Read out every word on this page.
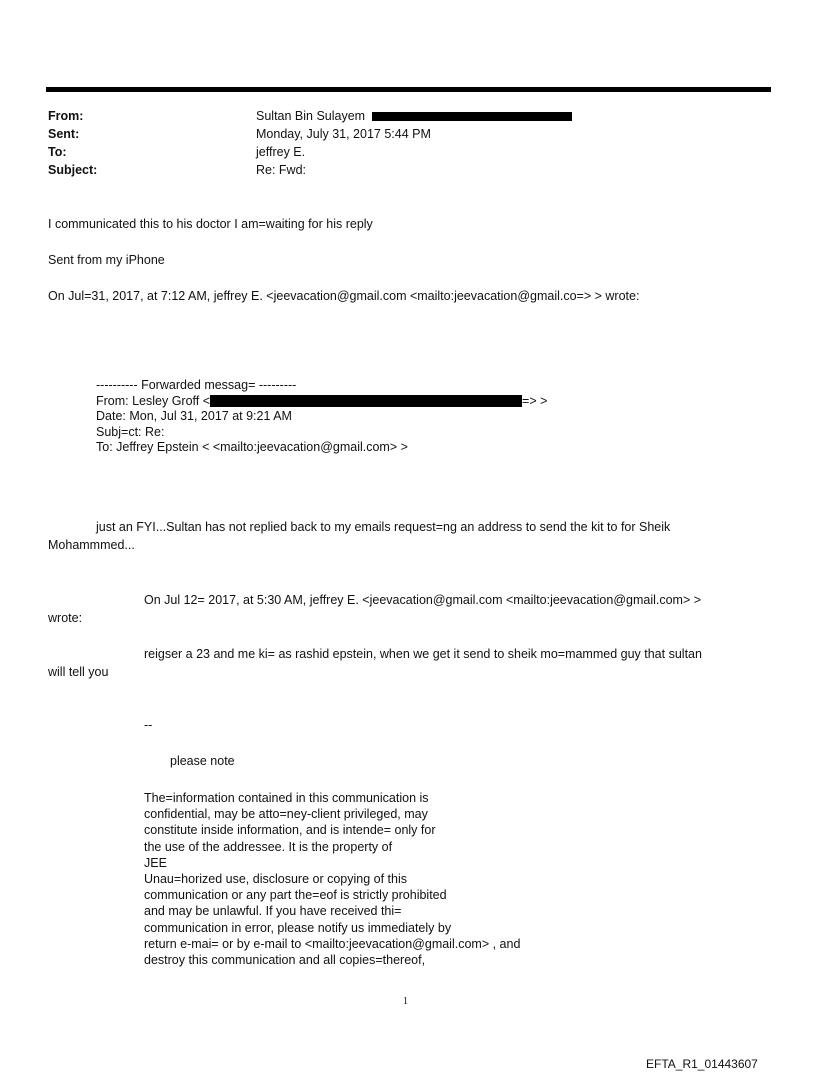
From:	Sultan Bin Sulayem
Sent:	Monday, July 31, 2017 5:44 PM
To:	jeffrey E.
Subject:	Re: Fwd:
I communicated this to his doctor I am=waiting for his reply
Sent from my iPhone
On Jul=31, 2017, at 7:12 AM, jeffrey E. <jeevacation@gmail.com <mailto:jeevacation@gmail.co=> > wrote:
---------- Forwarded messag= ---------
From: Lesley Groff <	=> >
Date: Mon, Jul 31, 2017 at 9:21 AM
Subj=ct: Re:
To: Jeffrey Epstein < <mailto:jeevacation@gmail.com> >
just an FYI...Sultan has not replied back to my emails request=ng an address to send the kit to for Sheik
Mohammmed...
On Jul 12= 2017, at 5:30 AM, jeffrey E. <jeevacation@gmail.com <mailto:jeevacation@gmail.com> >
wrote:
reigser a 23 and me ki= as rashid epstein, when we get it send to sheik mo=mammed guy that sultan
will tell you
--
please note
The=information contained in this communication is
confidential, may be atto=ney-client privileged, may
constitute inside information, and is intende= only for
the use of the addressee. It is the property of
JEE
Unau=horized use, disclosure or copying of this
communication or any part the=eof is strictly prohibited
and may be unlawful. If you have received thi=
communication in error, please notify us immediately by
return e-mai= or by e-mail to <mailto:jeevacation@gmail.com> , and
destroy this communication and all copies=thereof,
1
EFTA_R1_01443607
